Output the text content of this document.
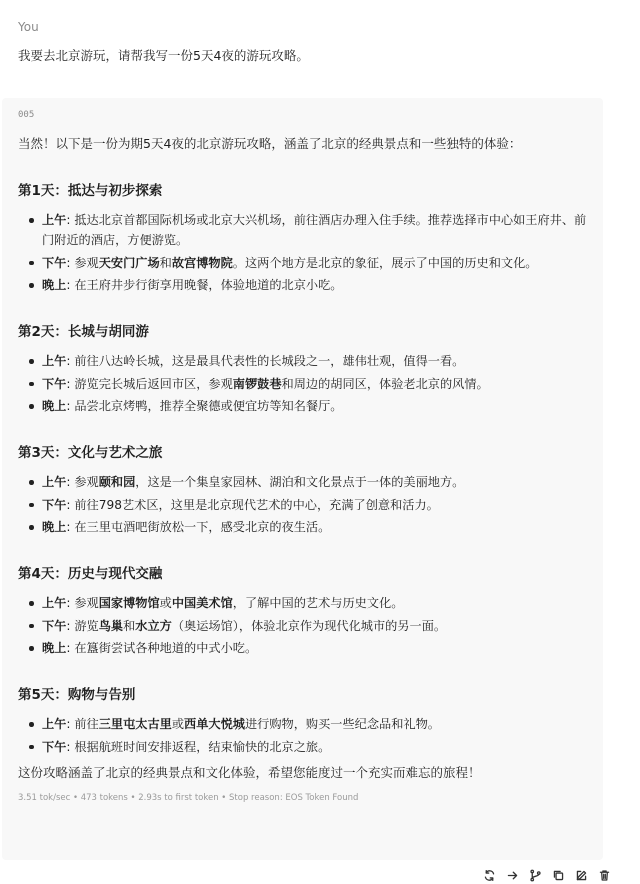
You
我要去北京游玩，请帮我写一份5天4夜的游玩攻略。
005

当然！以下是一份为期5天4夜的北京游玩攻略，涵盖了北京的经典景点和一些独特的体验：

第1天：抵达与初步探索
上午: 抵达北京首都国际机场或北京大兴机场，前往酒店办理入住手续。推荐选择市中心如王府井、前门附近的酒店，方便游览。
下午: 参观天安门广场和故宫博物院。这两个地方是北京的象征，展示了中国的历史和文化。
晚上: 在王府井步行街享用晚餐，体验地道的北京小吃。
第2天：长城与胡同游
上午: 前往八达岭长城，这是最具代表性的长城段之一，雄伟壮观，值得一看。
下午: 游览完长城后返回市区，参观南锣鼓巷和周边的胡同区，体验老北京的风情。
晚上: 品尝北京烤鸭，推荐全聚德或便宜坊等知名餐厅。
第3天：文化与艺术之旅
上午: 参观颐和园，这是一个集皇家园林、湖泊和文化景点于一体的美丽地方。
下午: 前往798艺术区，这里是北京现代艺术的中心，充满了创意和活力。
晚上: 在三里屯酒吧街放松一下，感受北京的夜生活。
第4天：历史与现代交融
上午: 参观国家博物馆或中国美术馆，了解中国的艺术与历史文化。
下午: 游览鸟巢和水立方（奥运场馆），体验北京作为现代化城市的另一面。
晚上: 在簋街尝试各种地道的中式小吃。
第5天：购物与告别
上午: 前往三里屯太古里或西单大悦城进行购物，购买一些纪念品和礼物。
下午: 根据航班时间安排返程，结束愉快的北京之旅。
这份攻略涵盖了北京的经典景点和文化体验，希望您能度过一个充实而难忘的旅程！
3.51 tok/sec • 473 tokens • 2.93s to first token • Stop reason: EOS Token Found
